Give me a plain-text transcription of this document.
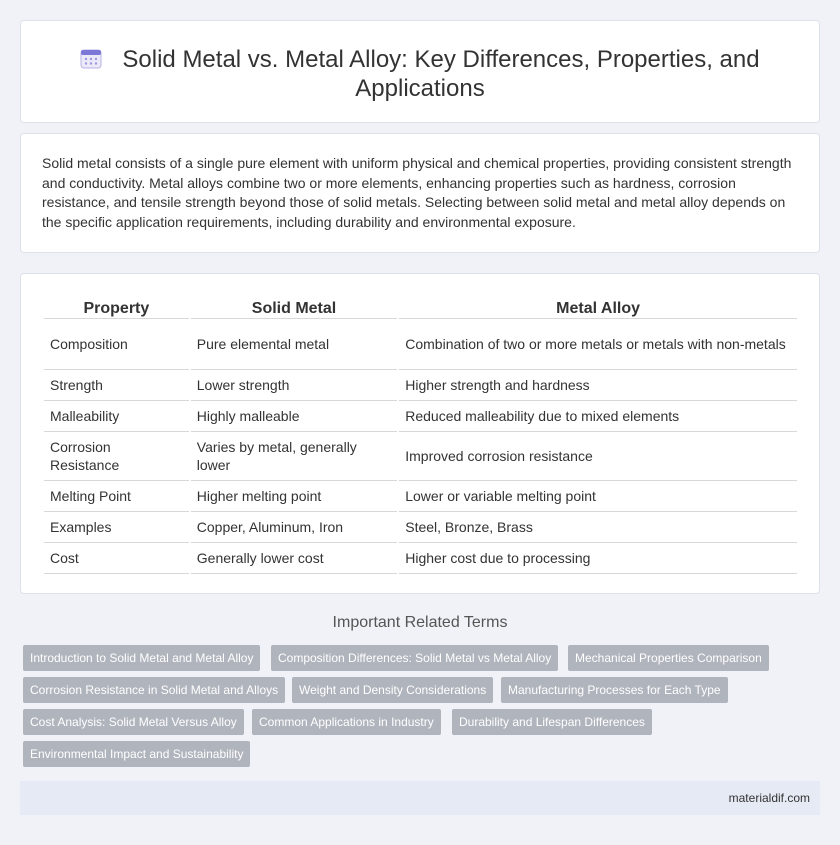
Solid Metal vs. Metal Alloy: Key Differences, Properties, and Applications

Solid metal consists of a single pure element with uniform physical and chemical properties, providing consistent strength and conductivity. Metal alloys combine two or more elements, enhancing properties such as hardness, corrosion resistance, and tensile strength beyond those of solid metals. Selecting between solid metal and metal alloy depends on the specific application requirements, including durability and environmental exposure.

Property	Solid Metal	Metal Alloy
Composition	Pure elemental metal	Combination of two or more metals or metals with non-metals
Strength	Lower strength	Higher strength and hardness
Malleability	Highly malleable	Reduced malleability due to mixed elements
Corrosion Resistance	Varies by metal, generally lower	Improved corrosion resistance
Melting Point	Higher melting point	Lower or variable melting point
Examples	Copper, Aluminum, Iron	Steel, Bronze, Brass
Cost	Generally lower cost	Higher cost due to processing
Important Related Terms
Introduction to Solid Metal and Metal Alloy	Composition Differences: Solid Metal vs Metal Alloy	Mechanical Properties Comparison
Corrosion Resistance in Solid Metal and Alloys	Weight and Density Considerations	Manufacturing Processes for Each Type
Cost Analysis: Solid Metal Versus Alloy	Common Applications in Industry	Durability and Lifespan Differences
Environmental Impact and Sustainability
materialdif.com
